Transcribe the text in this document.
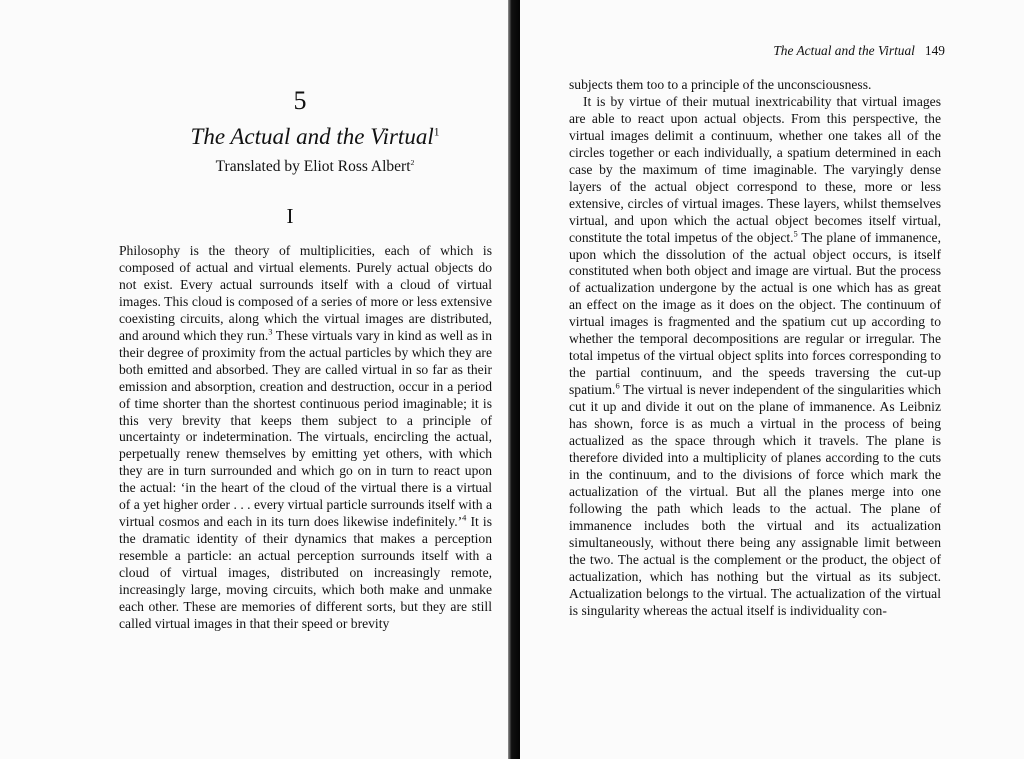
5
The Actual and the Virtual$^1$
Translated by Eliot Ross Albert$^2$
I

Philosophy is the theory of multiplicities, each of which is composed of actual and virtual elements. Purely actual objects do not exist. Every actual surrounds itself with a cloud of virtual images. This cloud is composed of a series of more or less extensive coexisting circuits, along which the virtual images are distributed, and around which they run.$^3$ These virtuals vary in kind as well as in their degree of proximity from the actual particles by which they are both emitted and absorbed. They are called virtual in so far as their emission and absorption, creation and destruction, occur in a period of time shorter than the shortest continuous period imaginable; it is this very brevity that keeps them subject to a principle of uncertainty or indetermination. The virtuals, encircling the actual, perpetually renew themselves by emitting yet others, with which they are in turn surrounded and which go on in turn to react upon the actual: ‘in the heart of the cloud of the virtual there is a virtual of a yet higher order . . . every virtual particle surrounds itself with a virtual cosmos and each in its turn does likewise indefinitely.’$^4$ It is the dramatic identity of their dynamics that makes a perception resemble a particle: an actual perception surrounds itself with a cloud of virtual images, distributed on increasingly remote, increasingly large, moving circuits, which both make and unmake each other. These are memories of different sorts, but they are still called virtual images in that their speed or brevity

The Actual and the Virtual 149

subjects them too to a principle of the unconsciousness.

It is by virtue of their mutual inextricability that virtual images are able to react upon actual objects. From this perspective, the virtual images delimit a continuum, whether one takes all of the circles together or each individually, a spatium determined in each case by the maximum of time imaginable. The varyingly dense layers of the actual object correspond to these, more or less extensive, circles of virtual images. These layers, whilst themselves virtual, and upon which the actual object becomes itself virtual, constitute the total impetus of the object.$^5$ The plane of immanence, upon which the dissolution of the actual object occurs, is itself constituted when both object and image are virtual. But the process of actualization undergone by the actual is one which has as great an effect on the image as it does on the object. The continuum of virtual images is fragmented and the spatium cut up according to whether the temporal decompositions are regular or irregular. The total impetus of the virtual object splits into forces corresponding to the partial continuum, and the speeds traversing the cut-up spatium.$^6$ The virtual is never independent of the singularities which cut it up and divide it out on the plane of immanence. As Leibniz has shown, force is as much a virtual in the process of being actualized as the space through which it travels. The plane is therefore divided into a multiplicity of planes according to the cuts in the continuum, and to the divisions of force which mark the actualization of the virtual. But all the planes merge into one following the path which leads to the actual. The plane of immanence includes both the virtual and its actualization simultaneously, without there being any assignable limit between the two. The actual is the complement or the product, the object of actualization, which has nothing but the virtual as its subject. Actualization belongs to the virtual. The actualization of the virtual is singularity whereas the actual itself is individuality con-
